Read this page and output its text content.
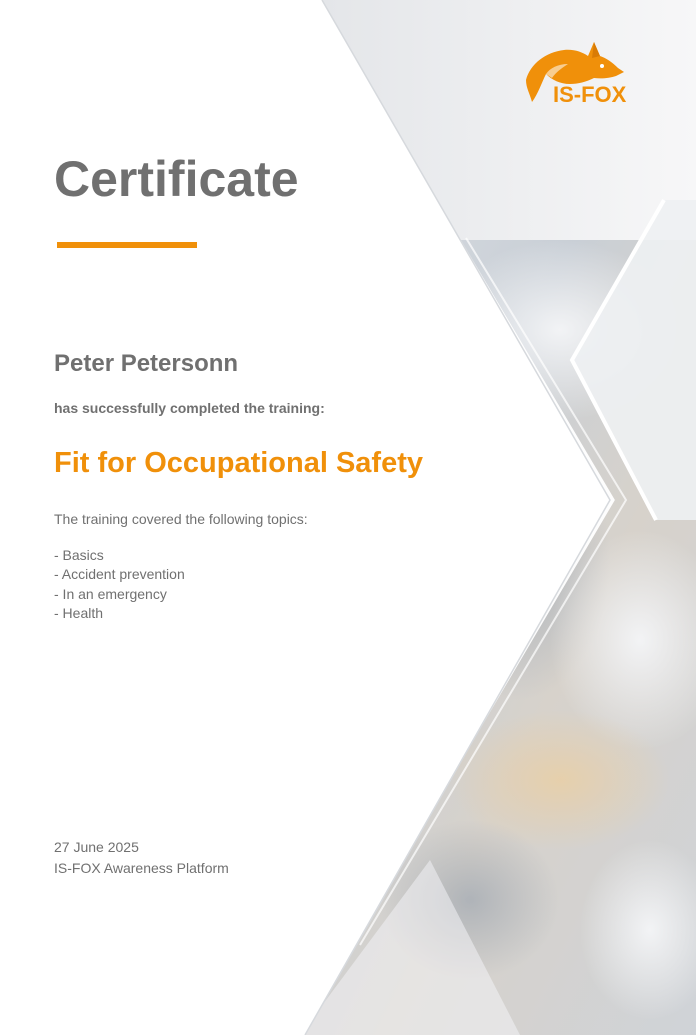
IS-FOX
Certificate
Peter Petersonn
has successfully completed the training:
Fit for Occupational Safety
The training covered the following topics:
- Basics
- Accident prevention
- In an emergency
- Health
27 June 2025
IS-FOX Awareness Platform
